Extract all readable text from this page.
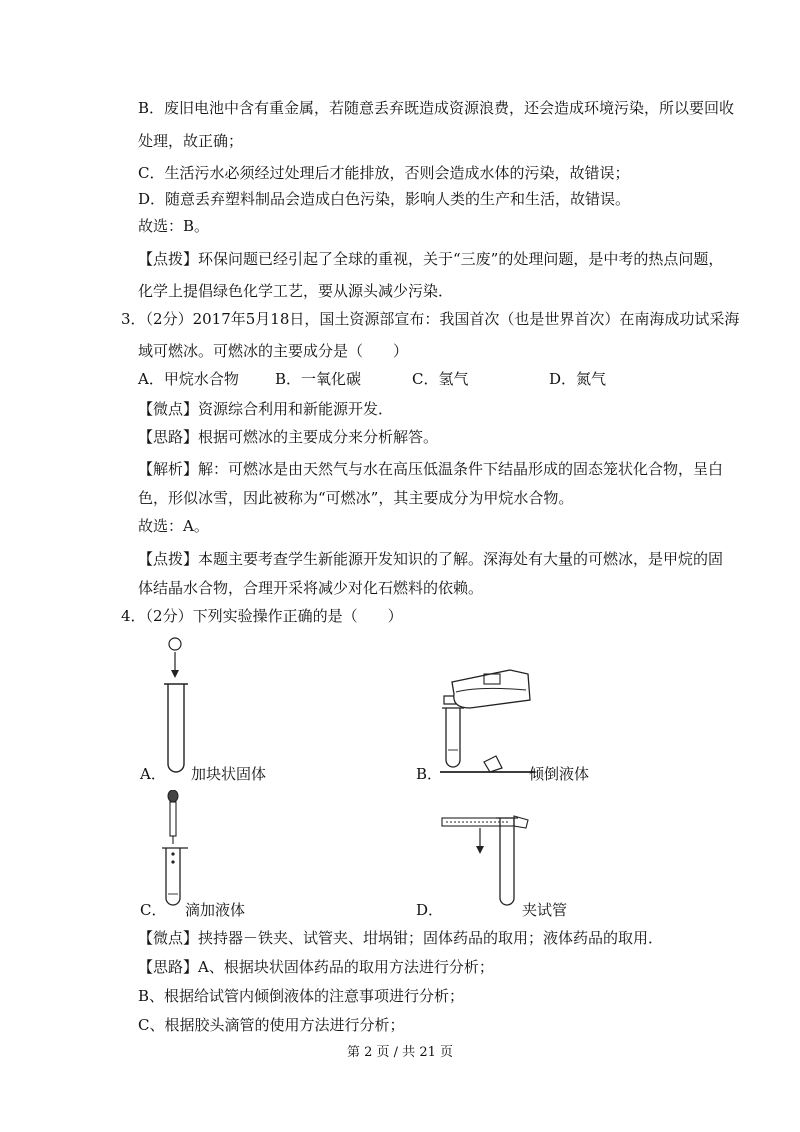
B．废旧电池中含有重金属，若随意丢弃既造成资源浪费，还会造成环境污染，所以要回收
处理，故正确；
C．生活污水必须经过处理后才能排放，否则会造成水体的污染，故错误；
D．随意丢弃塑料制品会造成白色污染，影响人类的生产和生活，故错误。
故选：B。
【点拨】环保问题已经引起了全球的重视，关于“三废”的处理问题，是中考的热点问题，
化学上提倡绿色化学工艺，要从源头减少污染．
3．（2分）2017年5月18日，国土资源部宣布：我国首次（也是世界首次）在南海成功试采海
域可燃冰。可燃冰的主要成分是（　　）
A．甲烷水合物 B．一氧化碳	C．氢气	D．氮气
【微点】资源综合利用和新能源开发．
【思路】根据可燃冰的主要成分来分析解答。
【解析】解：可燃冰是由天然气与水在高压低温条件下结晶形成的固态笼状化合物，呈白
色，形似冰雪，因此被称为“可燃冰”，其主要成分为甲烷水合物。
故选：A。
【点拨】本题主要考查学生新能源开发知识的了解。深海处有大量的可燃冰，是甲烷的固
体结晶水合物，合理开采将减少对化石燃料的依赖。
4．（2分）下列实验操作正确的是（　　）
A． 加块状固体	B．	倾倒液体
C． 滴加液体	D．	夹试管
【微点】挟持器－铁夹、试管夹、坩埚钳；固体药品的取用；液体药品的取用．
【思路】A、根据块状固体药品的取用方法进行分析；
B、根据给试管内倾倒液体的注意事项进行分析；
C、根据胶头滴管的使用方法进行分析；
第 2 页 / 共 21 页
